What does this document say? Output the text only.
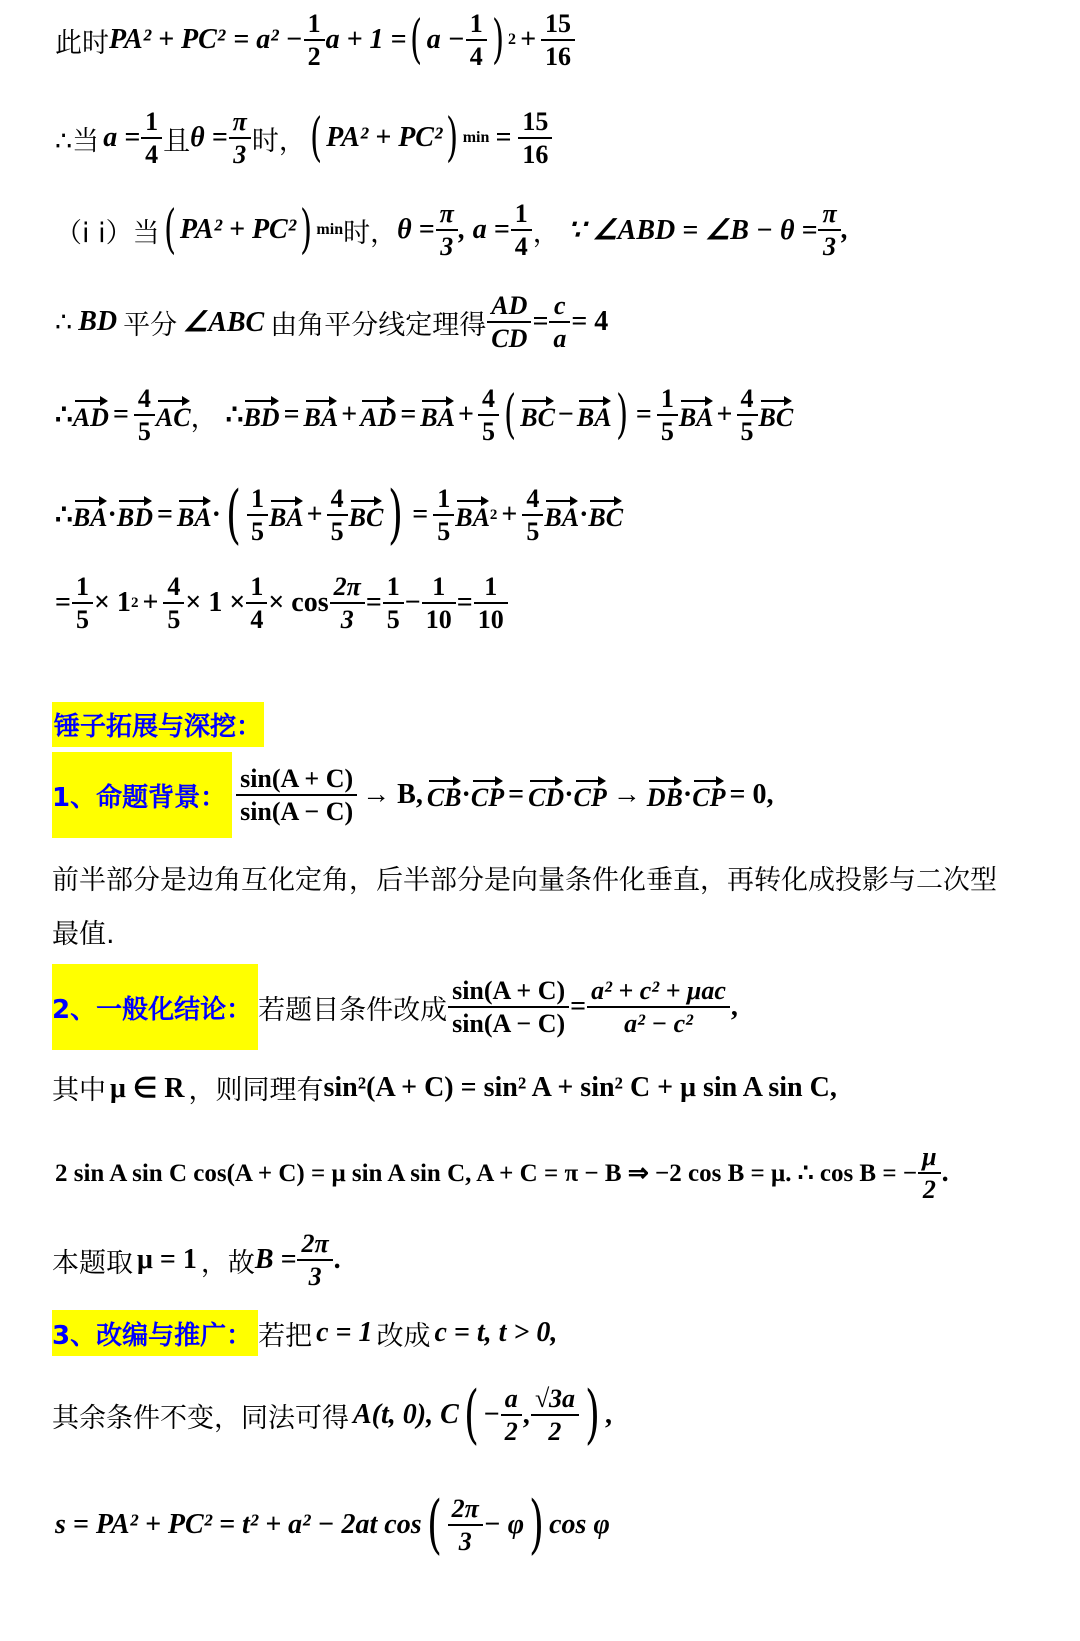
此时 $PA^2 + PC^2 = a^2 - \frac{1}{2}$ a + 1 = ( $a - \frac{1}{4}$ ) $2 + \frac{15}{16}$
∴当 $a = \frac{1}{4}$ 且 $\theta = \frac{\pi}{3}$ 时， ( PA² + PC² ) $\min = \frac{15}{16}$
（i i）当 ( PA² + PC² ) min 时， $\theta = \frac{\pi}{3}$ , $a = \frac{1}{4}$ ， ∵ ∠ABD = ∠B − $\theta = \frac{\pi}{3}$ ,
∴ BD 平分 ∠ABC 由角平分线定理得 $\frac{AD}{CD} = \frac{c}{a} = 4$
∴ AD = $\frac{4}{5}$ AC ， ∴ BD = BA + AD = BA + $\frac{4}{5}$ ( BC − BA ) = $\frac{1}{5}$ BA + $\frac{4}{5}$ BC
∴ BA · BD = BA · ( $\frac{1}{5}$ BA + $\frac{4}{5}$ BC ) = $\frac{1}{5}$ BA $2 + \frac{4}{5}$ BA · BC
= $\frac{1}{5} \times 1$ $2 + \frac{4}{5} \times 1 \times \frac{1}{4} \times \cos \frac{2\pi}{3} = \frac{1}{5} - \frac{1}{10} = \frac{1}{10}$
锤子拓展与深挖：
1、命题背景： $\frac{\sin(A + C)}{\sin(A - C)} \to B$, CB · CP = CD · CP → DB · CP = 0,
前半部分是边角互化定角，后半部分是向量条件化垂直，再转化成投影与二次型
最值.
2、一般化结论： 若题目条件改成 $\frac{\sin(A + C)}{\sin(A - C)} = \frac{\text{a² + c² + μac}}{\text{a² − c²}}$ ,
其中 μ ∈ R ，则同理有 sin²(A + C) = sin² A + sin² C + μ sin A sin C,
2 sin A sin C cos(A + C) = μ sin A sin C, A + C = π − B ⇒ −2 cos B = μ. ∴ cos B = − $\frac{\mu}{2}$ .
本题取 μ = 1 ，故 $B = \frac{2\pi}{3}$ .
3、改编与推广： 若把 c = 1 改成 c = t, t > 0,
其余条件不变，同法可得 A(t, 0), C ( − $\frac{a}{2}$ , $\frac{√3a}{2}$ ) ,
s = PA² + PC² = t² + a² − 2at cos ( $\frac{2\pi}{3} - \varphi$ ) cos φ
